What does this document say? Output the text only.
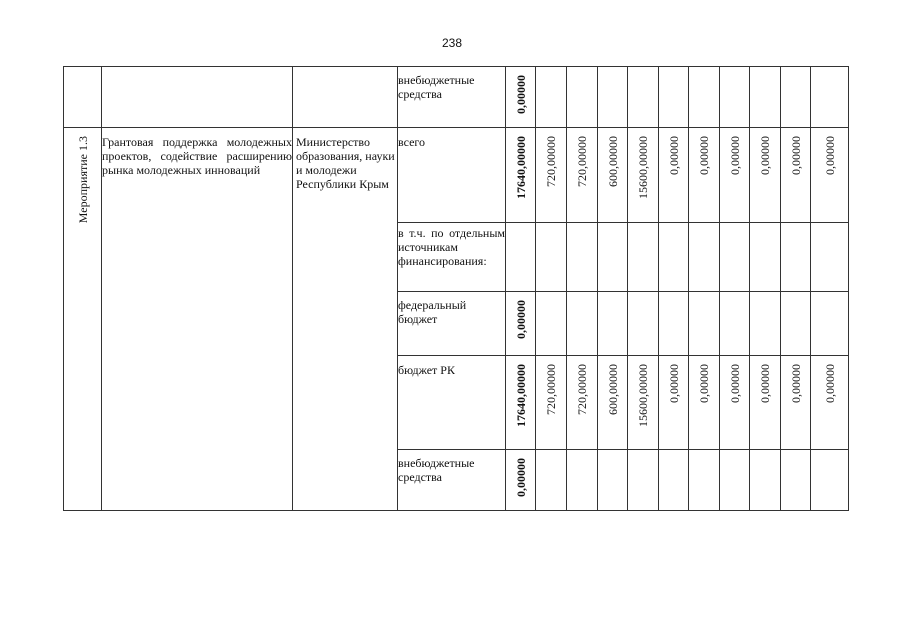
238
			внебюджетные средства	0,00000										
Мероприятие 1.3	Грантовая поддержка молодежных проектов, содействие расширению рынка молодежных инноваций	Министерство образования, науки и молодежи Республики Крым	всего	17640,00000	720,00000	720,00000	600,00000	15600,00000	0,00000	0,00000	0,00000	0,00000	0,00000	0,00000
			в т.ч. по отдельным источникам финансирования:											
			федеральный бюджет	0,00000										
			бюджет РК	17640,00000	720,00000	720,00000	600,00000	15600,00000	0,00000	0,00000	0,00000	0,00000	0,00000	0,00000
			внебюджетные средства	0,00000										
